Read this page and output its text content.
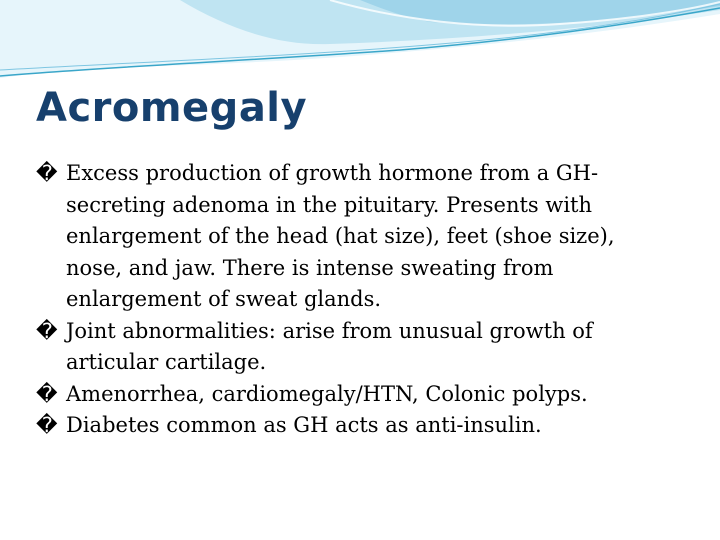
Acromegaly
� Excess production of growth hormone from a GH-secreting adenoma in the pituitary. Presents with enlargement of the head (hat size), feet (shoe size), nose, and jaw. There is intense sweating from enlargement of sweat glands.
� Joint abnormalities: arise from unusual growth of articular cartilage.
� Amenorrhea, cardiomegaly/HTN, Colonic polyps.
� Diabetes common as GH acts as anti-insulin.
